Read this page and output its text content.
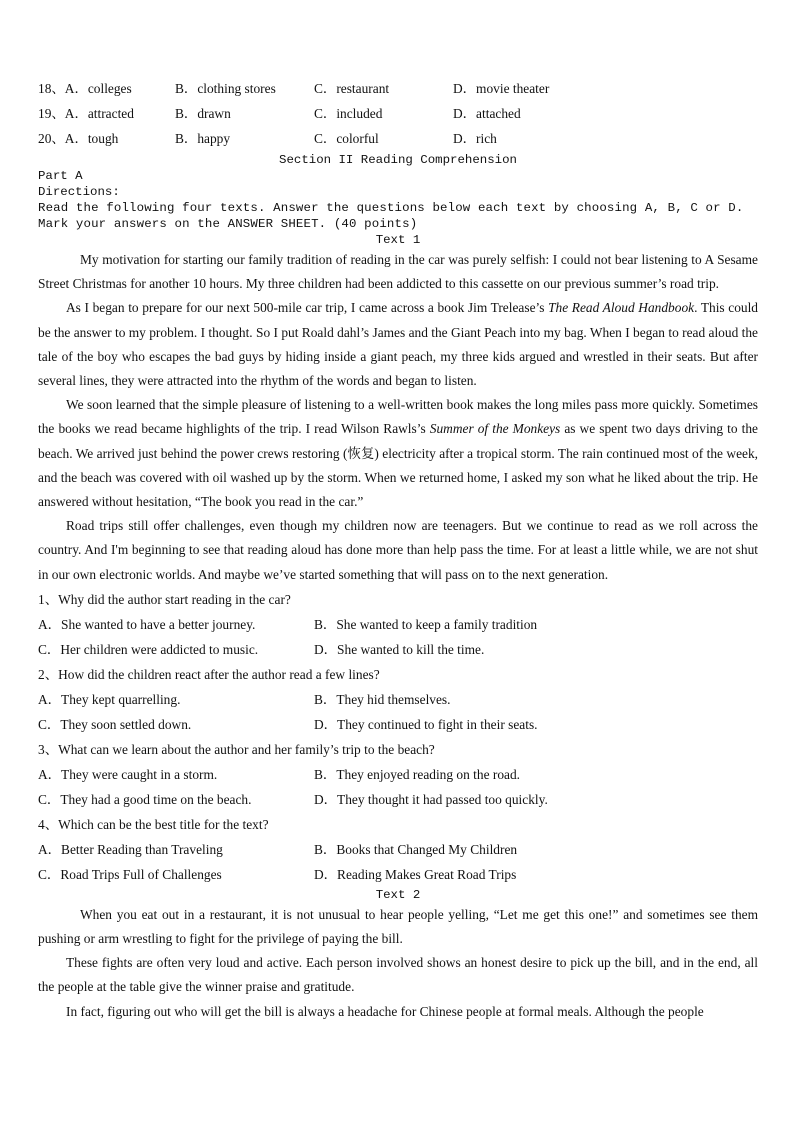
18、A．colleges	B．clothing stores	C．restaurant	D．movie theater
19、A．attracted	B．drawn	C．included	D．attached
20、A．tough	B．happy	C．colorful	D．rich
Section II Reading Comprehension
Part A
Directions:
Read the following four texts. Answer the questions below each text by choosing A, B, C or D. Mark your answers on the ANSWER SHEET. (40 points)
Text 1

My motivation for starting our family tradition of reading in the car was purely selfish: I could not bear listening to A Sesame Street Christmas for another 10 hours. My three children had been addicted to this cassette on our previous summer’s road trip.

As I began to prepare for our next 500-mile car trip, I came across a book Jim Trelease’s The Read Aloud Handbook. This could be the answer to my problem. I thought. So I put Roald dahl’s James and the Giant Peach into my bag. When I began to read aloud the tale of the boy who escapes the bad guys by hiding inside a giant peach, my three kids argued and wrestled in their seats. But after several lines, they were attracted into the rhythm of the words and began to listen.

We soon learned that the simple pleasure of listening to a well-written book makes the long miles pass more quickly. Sometimes the books we read became highlights of the trip. I read Wilson Rawls’s Summer of the Monkeys as we spent two days driving to the beach. We arrived just behind the power crews restoring (恢复) electricity after a tropical storm. The rain continued most of the week, and the beach was covered with oil washed up by the storm. When we returned home, I asked my son what he liked about the trip. He answered without hesitation, “The book you read in the car.”

Road trips still offer challenges, even though my children now are teenagers. But we continue to read as we roll across the country. And I'm beginning to see that reading aloud has done more than help pass the time. For at least a little while, we are not shut in our own electronic worlds. And maybe we’ve started something that will pass on to the next generation.

1、Why did the author start reading in the car?
A．She wanted to have a better journey.	B．She wanted to keep a family tradition
C．Her children were addicted to music.	D．She wanted to kill the time.
2、How did the children react after the author read a few lines?
A．They kept quarrelling.	B．They hid themselves.
C．They soon settled down.	D．They continued to fight in their seats.
3、What can we learn about the author and her family’s trip to the beach?
A．They were caught in a storm.	B．They enjoyed reading on the road.
C．They had a good time on the beach.	D．They thought it had passed too quickly.
4、Which can be the best title for the text?
A．Better Reading than Traveling	B．Books that Changed My Children
C．Road Trips Full of Challenges	D．Reading Makes Great Road Trips
Text 2

When you eat out in a restaurant, it is not unusual to hear people yelling, “Let me get this one!” and sometimes see them pushing or arm wrestling to fight for the privilege of paying the bill.

These fights are often very loud and active. Each person involved shows an honest desire to pick up the bill, and in the end, all the people at the table give the winner praise and gratitude.

In fact, figuring out who will get the bill is always a headache for Chinese people at formal meals. Although the people
